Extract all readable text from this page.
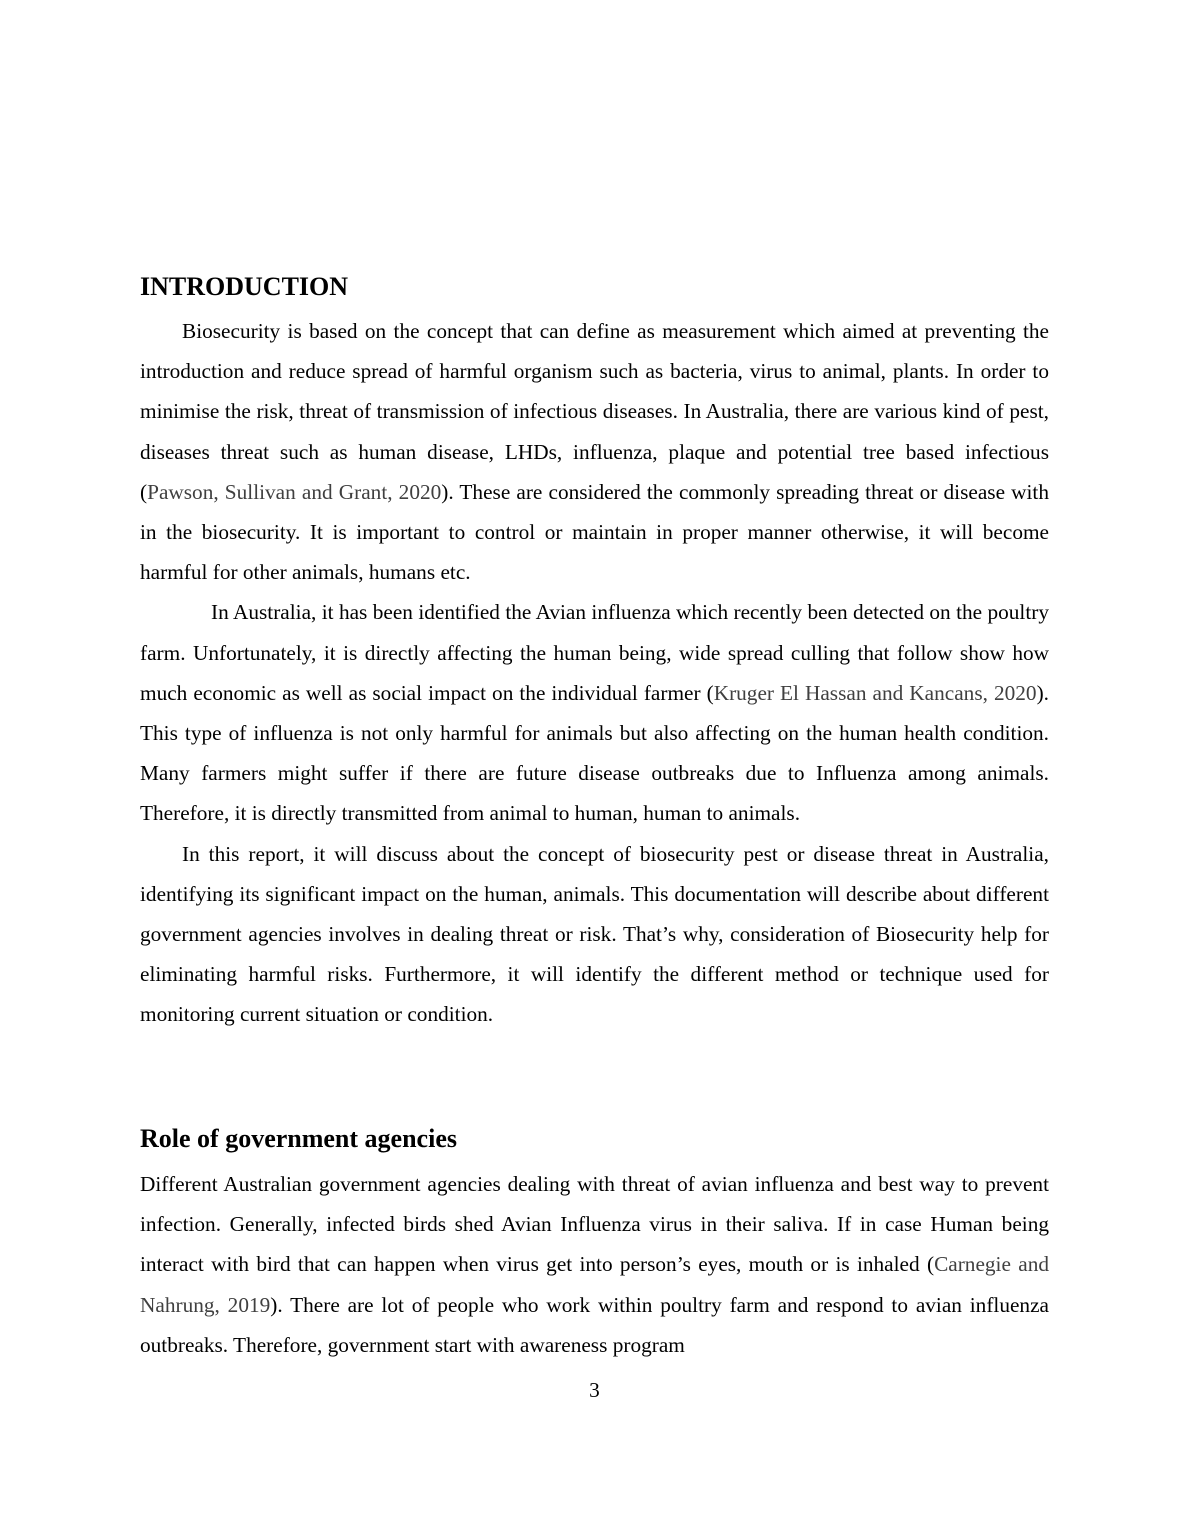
INTRODUCTION

Biosecurity is based on the concept that can define as measurement which aimed at preventing the introduction and reduce spread of harmful organism such as bacteria, virus to animal, plants. In order to minimise the risk, threat of transmission of infectious diseases. In Australia, there are various kind of pest, diseases threat such as human disease, LHDs, influenza, plaque and potential tree based infectious (Pawson, Sullivan and Grant, 2020). These are considered the commonly spreading threat or disease with in the biosecurity. It is important to control or maintain in proper manner otherwise, it will become harmful for other animals, humans etc.

In Australia, it has been identified the Avian influenza which recently been detected on the poultry farm. Unfortunately, it is directly affecting the human being, wide spread culling that follow show how much economic as well as social impact on the individual farmer (Kruger El Hassan and Kancans, 2020). This type of influenza is not only harmful for animals but also affecting on the human health condition. Many farmers might suffer if there are future disease outbreaks due to Influenza among animals. Therefore, it is directly transmitted from animal to human, human to animals.

In this report, it will discuss about the concept of biosecurity pest or disease threat in Australia, identifying its significant impact on the human, animals. This documentation will describe about different government agencies involves in dealing threat or risk. That’s why, consideration of Biosecurity help for eliminating harmful risks. Furthermore, it will identify the different method or technique used for monitoring current situation or condition.

Role of government agencies

Different Australian government agencies dealing with threat of avian influenza and best way to prevent infection. Generally, infected birds shed Avian Influenza virus in their saliva. If in case Human being interact with bird that can happen when virus get into person’s eyes, mouth or is inhaled (Carnegie and Nahrung, 2019). There are lot of people who work within poultry farm and respond to avian influenza outbreaks. Therefore, government start with awareness program

3
